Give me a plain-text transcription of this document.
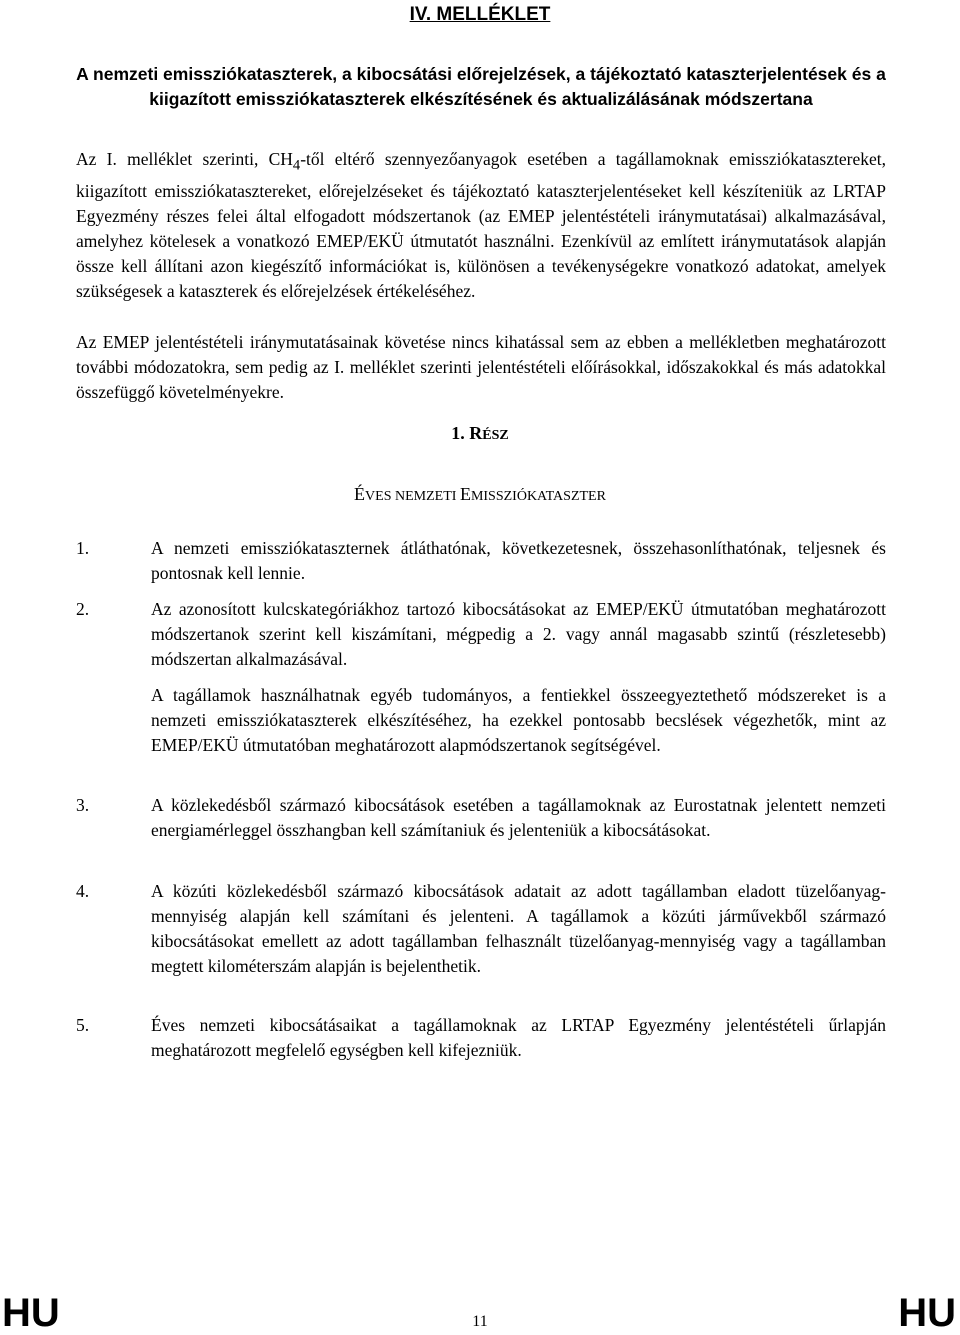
IV. MELLÉKLET
A nemzeti emissziókataszterek, a kibocsátási előrejelzések, a tájékoztató kataszterjelentések és a kiigazított emissziókataszterek elkészítésének és aktualizálásának módszertana

Az I. melléklet szerinti, $CH_4$-től eltérő szennyezőanyagok esetében a tagállamoknak emissziókatasztereket, kiigazított emissziókatasztereket, előrejelzéseket és tájékoztató kataszterjelentéseket kell készíteniük az LRTAP Egyezmény részes felei által elfogadott módszertanok (az EMEP jelentéstételi iránymutatásai) alkalmazásával, amelyhez kötelesek a vonatkozó EMEP/EKÜ útmutatót használni. Ezenkívül az említett iránymutatások alapján össze kell állítani azon kiegészítő információkat is, különösen a tevékenységekre vonatkozó adatokat, amelyek szükségesek a kataszterek és előrejelzések értékeléséhez.

Az EMEP jelentéstételi iránymutatásainak követése nincs kihatással sem az ebben a mellékletben meghatározott további módozatokra, sem pedig az I. melléklet szerinti jelentéstételi előírásokkal, időszakokkal és más adatokkal összefüggő követelményekre.

1. RÉSZ
ÉVES NEMZETI EMISSZIÓKATASZTER
1.	A nemzeti emissziókataszternek átláthatónak, következetesnek, összehasonlíthatónak, teljesnek és pontosnak kell lennie.

2.	Az azonosított kulcskategóriákhoz tartozó kibocsátásokat az EMEP/EKÜ útmutatóban meghatározott módszertanok szerint kell kiszámítani, mégpedig a 2. vagy annál magasabb szintű (részletesebb) módszertan alkalmazásával.

A tagállamok használhatnak egyéb tudományos, a fentiekkel összeegyeztethető módszereket is a nemzeti emissziókataszterek elkészítéséhez, ha ezekkel pontosabb becslések végezhetők, mint az EMEP/EKÜ útmutatóban meghatározott alapmódszertanok segítségével.

3.	A közlekedésből származó kibocsátások esetében a tagállamoknak az Eurostatnak jelentett nemzeti energiamérleggel összhangban kell számítaniuk és jelenteniük a kibocsátásokat.

4.	A közúti közlekedésből származó kibocsátások adatait az adott tagállamban eladott tüzelőanyag-mennyiség alapján kell számítani és jelenteni. A tagállamok a közúti járművekből származó kibocsátásokat emellett az adott tagállamban felhasznált tüzelőanyag-mennyiség vagy a tagállamban megtett kilométerszám alapján is bejelenthetik.

5.	Éves nemzeti kibocsátásaikat a tagállamoknak az LRTAP Egyezmény jelentéstételi űrlapján meghatározott megfelelő egységben kell kifejezniük.

HU	11	HU
